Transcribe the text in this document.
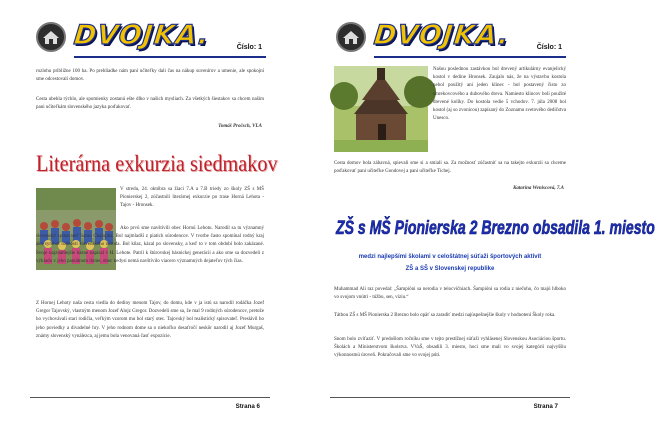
DVOJKA.	Číslo: 1

rozlohu približne 100 ha. Po prehliadke nám pani učiteľky dali čas na nákup suvenírov a umenie, ale spokojní sme odcestovali domov.

Cesta ubehla rýchlo, ale spomienky zostanú ešte dlho v našich mysliach. Za všetkých šiestakov sa chcem našim pani učiteľkám slovenského jazyka poďakovať.

Tomáš Pročsch, VI.A

Literárna exkurzia siedmakov

V stredu, 24. októbra sa žiaci 7.A a 7.B triedy zo školy ZŠ s MŠ Pionierskej 2, zúčastnili literárnej exkurzie po trase Horná Lehota - Tajov - Hronsek.

Ako prvú sme navštívili obec Hornú Lehotu. Narodil sa tu významný slovenský spisovateľ Samo Chalupka. Bol najmladší z piatich súrodencov. V tvorbe často spomínal rodný kraj ako symbol rodnosti slovenského národa. Bol kňaz, kázal po slovensky, a keď to v tom období bolo zakázané. Svoje najznámejšie básne napísal v H. Lehote. Patril k štúrovskej básnickej generácii a ako sme sa dozvedeli z výkladu v jeho pamätnom dome, obec kedysi nemá navštívilo viacero významných dejateľov tých čias.

Z Hornej Lehoty naša cesta viedla do dediny menom Tajov, do domu, kde v ja istú sa narodil rodáčka Jozef Gregor Tajovský, vlastným menom Jozef Alojz Gregor. Dozvedeli sme sa, že mal 9 rodiných súrodencov, pretože ho vychovávali stari rodičia, veľkým vzorom mu bol starý otec. Tajovský bol realistický spisovateľ. Preslávil ho jeho poviedky a divadelné hry. V jeho rodnom dome sa o niekoľko desaťročí neskôr narodil aj Jozef Murgaš, známy slovenský vynálezca, aj jemu bola venovaná časť expozície.

Strana 6
DVOJKA.	Číslo: 1

Našou poslednou zastávkou bol drevený artikulárny evanjelický kostol v dedine Hronsek. Zaujalo nás, že na výstavbu kostola nebol použitý ani jeden klinec - bol postavený čisto zo smrekovcového a dubového dreva. Namiesto klincov boli použité drevené kolíky. Do kostola vedie 5 vchodov. 7. júla 2008 bol kostol (aj so zvonicou) zapísaný do Zoznamu svetového dedičstva Unesco.

Cesta domov bola zábavná, spievali sme si a smiali sa. Za možnosť zúčastniť sa na takejto exkurzii sa chceme poďakovať pani učiteľke Gondovej a pani učiteľke Tichej.

Katarína Weniscová, 7.A

ZŠ s MŠ Pionierska 2 Brezno obsadila 1. miesto
medzi najlepšími školami v celoštátnej súťaži športových aktivít
ZŠ a SŠ v Slovenskej republike

Muhammad Ali raz povedal: „Šampióni sa nerodia v telocvičniach. Šampióni sa rodia z niečoho, čo majú hlboko vo svojom vnútri - túžbu, sen, víziu.“

Tátbou ZŠ s MŠ Pionierska 2 Brezno bolo opäť sa zaradiť medzi najúspešnejšie školy v hodnotení Školy roka.

Snom bolo zvíťaziť. V predošlom ročníku sme v tejto prestížnej súťaži vyhlásenej Slovenskou Asociáciou športu. Školách a Ministerstvom školstva. VVaŠ, obsadili 3. miesto, hoci sme mali vo svojej kategórii najvyššiu výkonnostnú úroveň. Pokračovali sme vo svojej púti.

Strana 7
